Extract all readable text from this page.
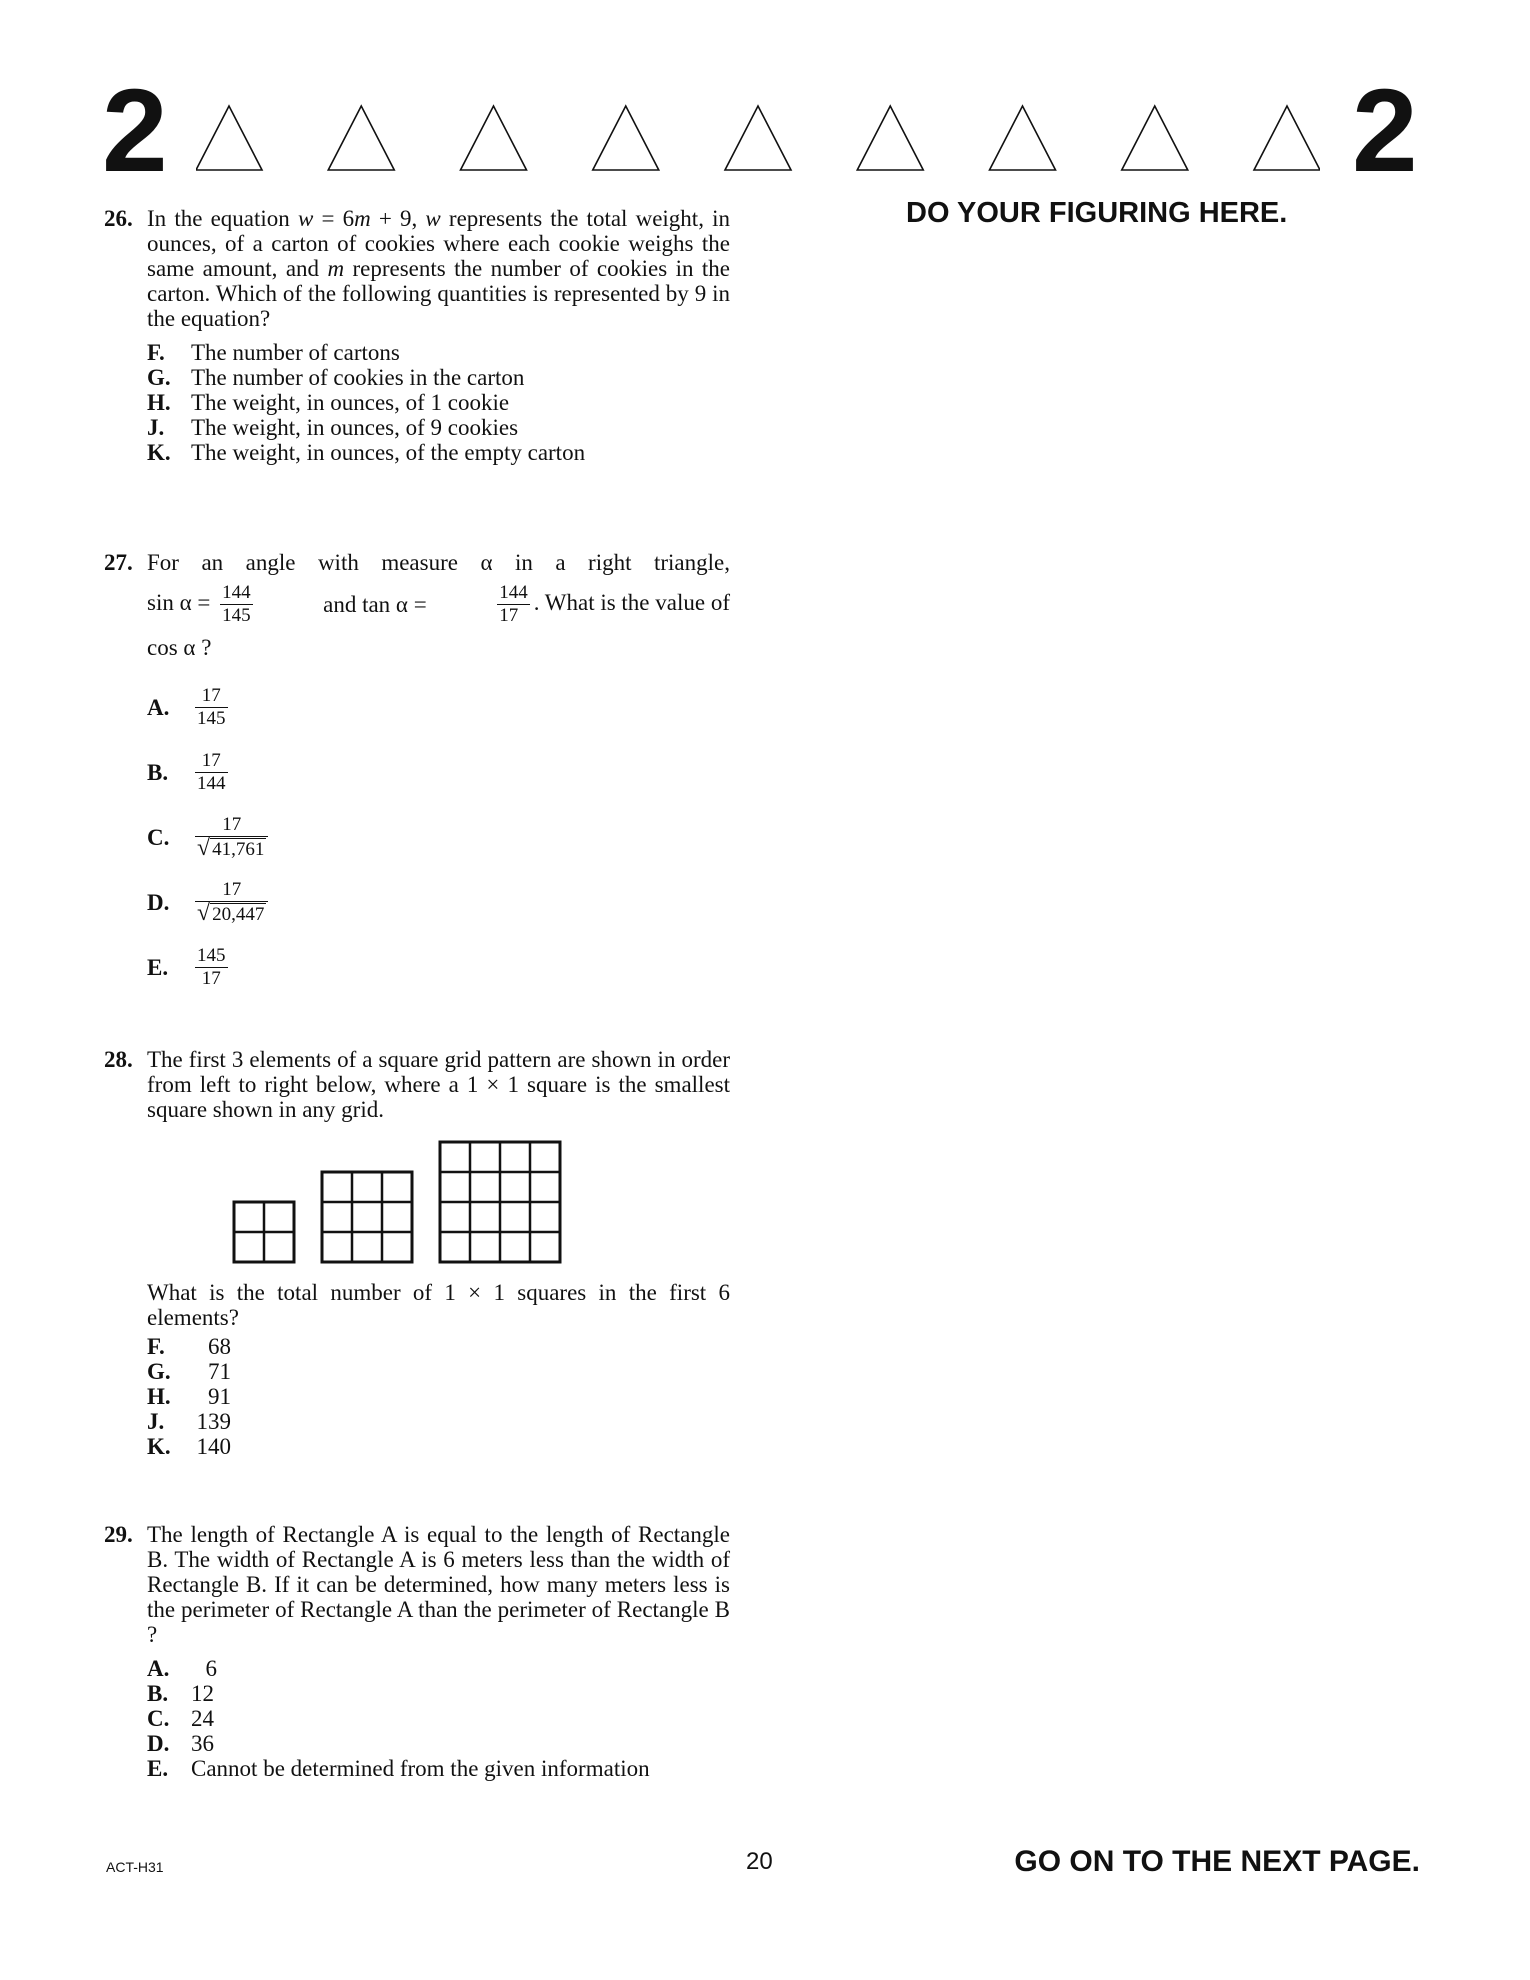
2	2
DO YOUR FIGURING HERE.
26. In the equation w = 6m + 9, w represents the total weight, in ounces, of a carton of cookies where each cookie weighs the same amount, and m represents the number of cookies in the carton. Which of the following quantities is represented by 9 in the equation?
F.	The number of cartons
G. The number of cookies in the carton
H. The weight, in ounces, of 1 cookie
J.	The weight, in ounces, of 9 cookies
K. The weight, in ounces, of the empty carton
27. For an angle with measure α in a right triangle,
$\sin \alpha = \frac{144}{145}$	and tan α =	$\frac{144}{17}$ . What is the value of
cos α ?
A.	$\frac{17}{145}$
B.	$\frac{17}{144}$
C.	$\frac{17}{√ 41,761}$
D.	$\frac{17}{√ 20,447}$
E.	$\frac{145}{17}$
28. The first 3 elements of a square grid pattern are shown in order from left to right below, where a 1 × 1 square is the smallest square shown in any grid.
What is the total number of 1 × 1 squares in the first 6 elements?
F.	68
G.	71
H.	91
J.	139
K.	140
29. The length of Rectangle A is equal to the length of Rectangle B. The width of Rectangle A is 6 meters less than the width of Rectangle B. If it can be determined, how many meters less is the perimeter of Rectangle A than the perimeter of Rectangle B ?
A.	6
B. 12
C. 24
D. 36
E. Cannot be determined from the given information
ACT-H31	20	GO ON TO THE NEXT PAGE.
